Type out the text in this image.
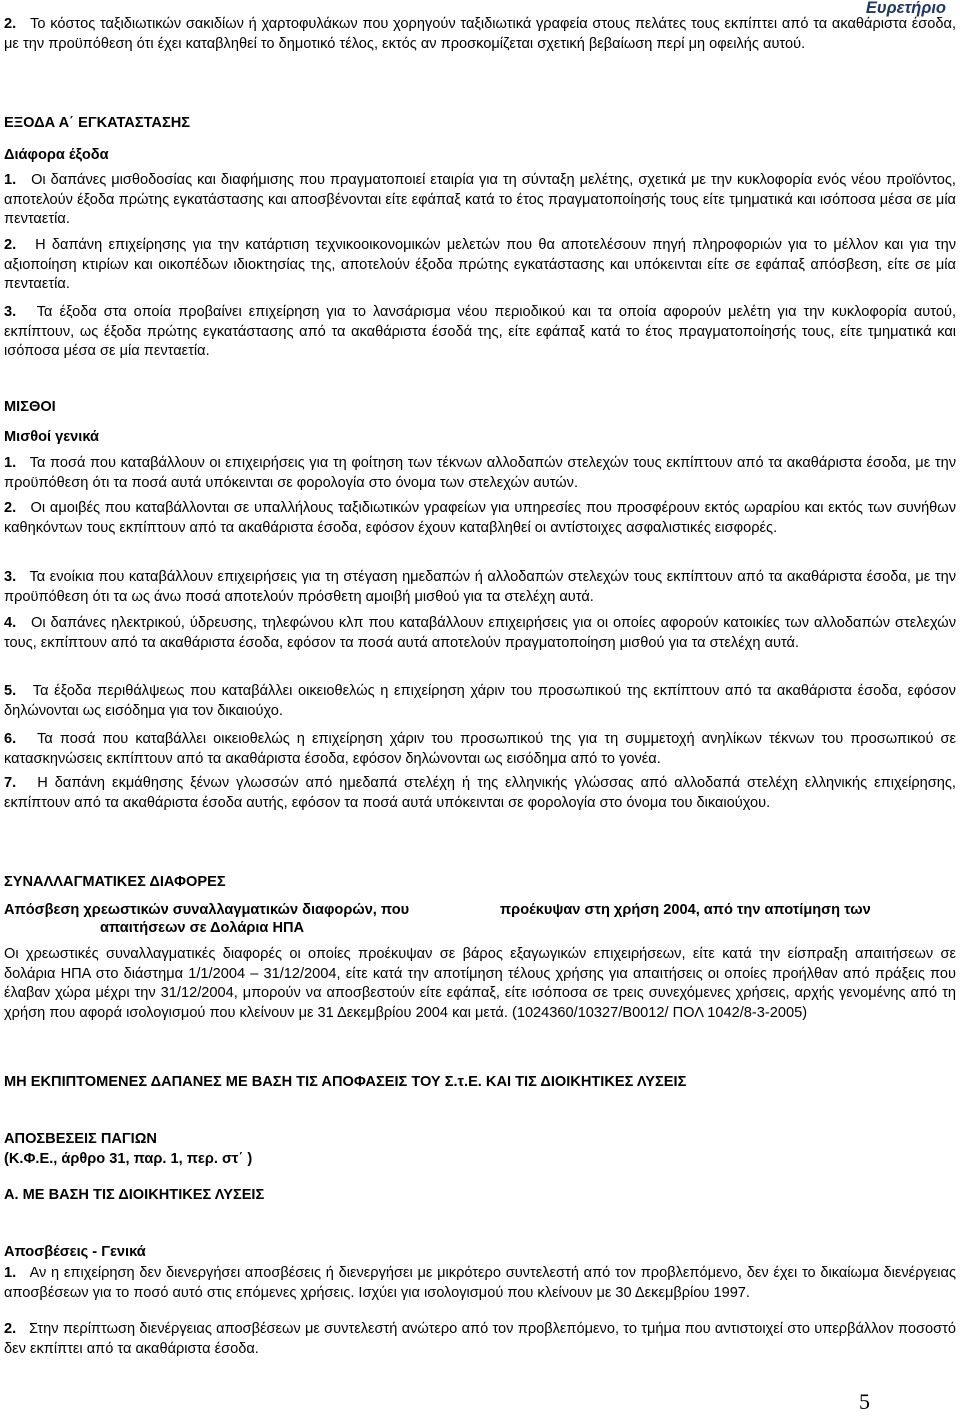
Ευρετήριο

2. Το κόστος ταξιδιωτικών σακιδίων ή χαρτοφυλάκων που χορηγούν ταξιδιωτικά γραφεία στους πελάτες τους εκπίπτει από τα ακαθάριστα έσοδα, με την προϋπόθεση ότι έχει καταβληθεί το δημοτικό τέλος, εκτός αν προσκομίζεται σχετική βεβαίωση περί μη οφειλής αυτού.

ΕΞΟΔΑ Α΄ ΕΓΚΑΤΑΣΤΑΣΗΣ
Διάφορα έξοδα

1. Οι δαπάνες μισθοδοσίας και διαφήμισης που πραγματοποιεί εταιρία για τη σύνταξη μελέτης, σχετικά με την κυκλοφορία ενός νέου προϊόντος, αποτελούν έξοδα πρώτης εγκατάστασης και αποσβένονται είτε εφάπαξ κατά το έτος πραγματοποίησής τους είτε τμηματικά και ισόποσα μέσα σε μία πενταετία.

2. Η δαπάνη επιχείρησης για την κατάρτιση τεχνικοοικονομικών μελετών που θα αποτελέσουν πηγή πληροφοριών για το μέλλον και για την αξιοποίηση κτιρίων και οικοπέδων ιδιοκτησίας της, αποτελούν έξοδα πρώτης εγκατάστασης και υπόκεινται είτε σε εφάπαξ απόσβεση, είτε σε μία πενταετία.

3. Τα έξοδα στα οποία προβαίνει επιχείρηση για το λανσάρισμα νέου περιοδικού και τα οποία αφορούν μελέτη για την κυκλοφορία αυτού, εκπίπτουν, ως έξοδα πρώτης εγκατάστασης από τα ακαθάριστα έσοδά της, είτε εφάπαξ κατά το έτος πραγματοποίησής τους, είτε τμηματικά και ισόποσα μέσα σε μία πενταετία.

ΜΙΣΘΟΙ
Μισθοί γενικά

1. Τα ποσά που καταβάλλουν οι επιχειρήσεις για τη φοίτηση των τέκνων αλλοδαπών στελεχών τους εκπίπτουν από τα ακαθάριστα έσοδα, με την προϋπόθεση ότι τα ποσά αυτά υπόκεινται σε φορολογία στο όνομα των στελεχών αυτών.

2. Οι αμοιβές που καταβάλλονται σε υπαλλήλους ταξιδιωτικών γραφείων για υπηρεσίες που προσφέρουν εκτός ωραρίου και εκτός των συνήθων καθηκόντων τους εκπίπτουν από τα ακαθάριστα έσοδα, εφόσον έχουν καταβληθεί οι αντίστοιχες ασφαλιστικές εισφορές.

3. Τα ενοίκια που καταβάλλουν επιχειρήσεις για τη στέγαση ημεδαπών ή αλλοδαπών στελεχών τους εκπίπτουν από τα ακαθάριστα έσοδα, με την προϋπόθεση ότι τα ως άνω ποσά αποτελούν πρόσθετη αμοιβή μισθού για τα στελέχη αυτά.

4. Οι δαπάνες ηλεκτρικού, ύδρευσης, τηλεφώνου κλπ που καταβάλλουν επιχειρήσεις για οι οποίες αφορούν κατοικίες των αλλοδαπών στελεχών τους, εκπίπτουν από τα ακαθάριστα έσοδα, εφόσον τα ποσά αυτά αποτελούν πραγματοποίηση μισθού για τα στελέχη αυτά.

5. Τα έξοδα περιθάλψεως που καταβάλλει οικειοθελώς η επιχείρηση χάριν του προσωπικού της εκπίπτουν από τα ακαθάριστα έσοδα, εφόσον δηλώνονται ως εισόδημα για τον δικαιούχο.

6. Τα ποσά που καταβάλλει οικειοθελώς η επιχείρηση χάριν του προσωπικού της για τη συμμετοχή ανηλίκων τέκνων του προσωπικού σε κατασκηνώσεις εκπίπτουν από τα ακαθάριστα έσοδα, εφόσον δηλώνονται ως εισόδημα από το γονέα.

7. Η δαπάνη εκμάθησης ξένων γλωσσών από ημεδαπά στελέχη ή της ελληνικής γλώσσας από αλλοδαπά στελέχη ελληνικής επιχείρησης, εκπίπτουν από τα ακαθάριστα έσοδα αυτής, εφόσον τα ποσά αυτά υπόκεινται σε φορολογία στο όνομα του δικαιούχου.

ΣΥΝΑΛΛΑΓΜΑΤΙΚΕΣ ΔΙΑΦΟΡΕΣ
Απόσβεση χρεωστικών συναλλαγματικών διαφορών, που	προέκυψαν στη χρήση 2004, από την αποτίμηση των
απαιτήσεων σε Δολάρια ΗΠΑ

Οι χρεωστικές συναλλαγματικές διαφορές οι οποίες προέκυψαν σε βάρος εξαγωγικών επιχειρήσεων, είτε κατά την είσπραξη απαιτήσεων σε δολάρια ΗΠΑ στο διάστημα 1/1/2004 – 31/12/2004, είτε κατά την αποτίμηση τέλους χρήσης για απαιτήσεις οι οποίες προήλθαν από πράξεις που έλαβαν χώρα μέχρι την 31/12/2004, μπορούν να αποσβεστούν είτε εφάπαξ, είτε ισόποσα σε τρεις συνεχόμενες χρήσεις, αρχής γενομένης από τη χρήση που αφορά ισολογισμού που κλείνουν με 31 Δεκεμβρίου 2004 και μετά. (1024360/10327/Β0012/ ΠΟΛ 1042/8-3-2005)

ΜΗ ΕΚΠΙΠΤΟΜΕΝΕΣ ΔΑΠΑΝΕΣ ΜΕ ΒΑΣΗ ΤΙΣ ΑΠΟΦΑΣΕΙΣ ΤΟΥ Σ.τ.Ε. ΚΑΙ ΤΙΣ ΔΙΟΙΚΗΤΙΚΕΣ ΛΥΣΕΙΣ
ΑΠΟΣΒΕΣΕΙΣ ΠΑΓΙΩΝ
(Κ.Φ.Ε., άρθρο 31, παρ. 1, περ. στ΄ )
Α. ΜΕ ΒΑΣΗ ΤΙΣ ΔΙΟΙΚΗΤΙΚΕΣ ΛΥΣΕΙΣ
Αποσβέσεις - Γενικά

1. Αν η επιχείρηση δεν διενεργήσει αποσβέσεις ή διενεργήσει με μικρότερο συντελεστή από τον προβλεπόμενο, δεν έχει το δικαίωμα διενέργειας αποσβέσεων για το ποσό αυτό στις επόμενες χρήσεις. Ισχύει για ισολογισμού που κλείνουν με 30 Δεκεμβρίου 1997.

2. Στην περίπτωση διενέργειας αποσβέσεων με συντελεστή ανώτερο από τον προβλεπόμενο, το τμήμα που αντιστοιχεί στο υπερβάλλον ποσοστό δεν εκπίπτει από τα ακαθάριστα έσοδα.

5
